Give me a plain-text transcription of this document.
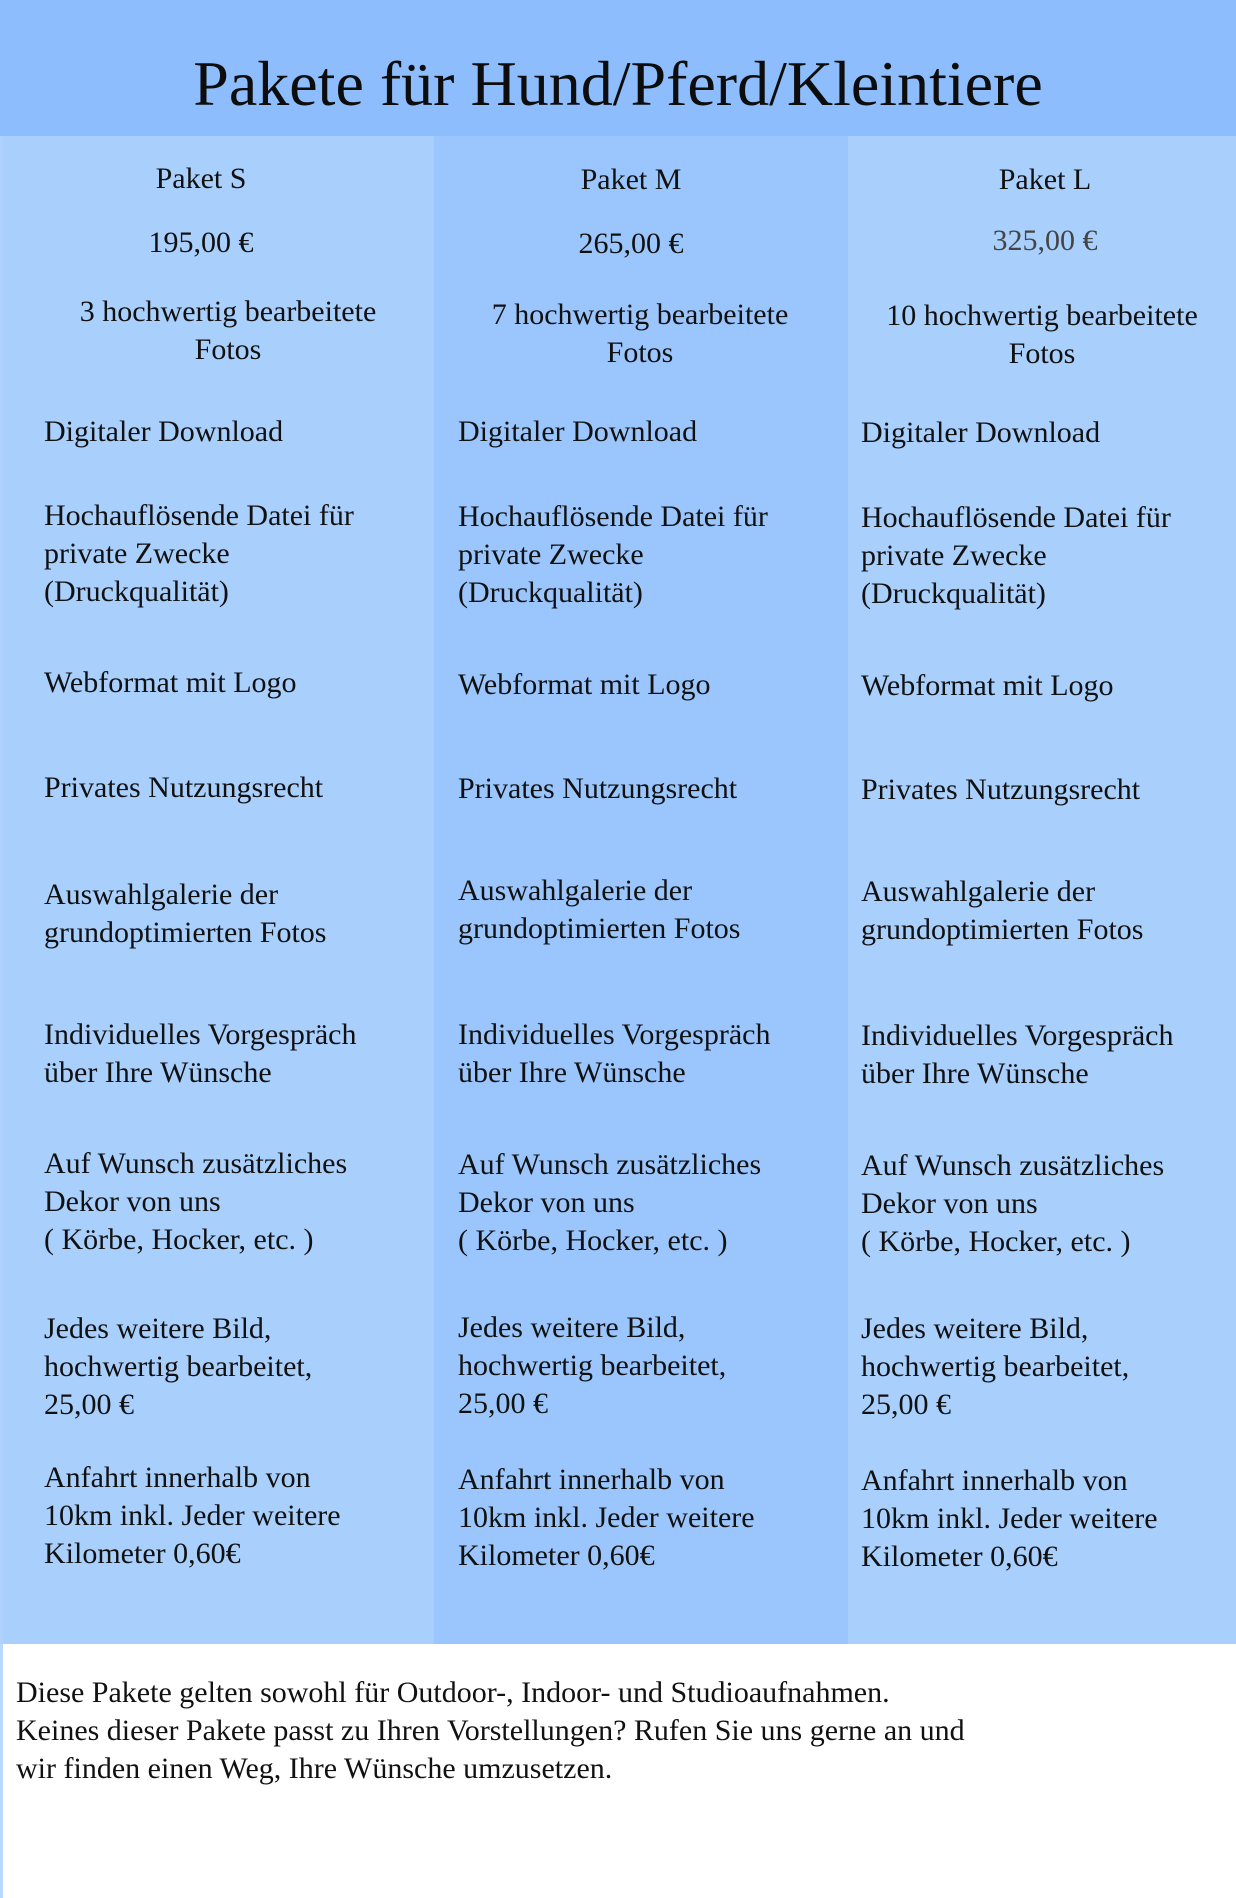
Pakete für Hund/Pferd/Kleintiere
Paket S
195,00 €
3 hochwertig bearbeitete
Fotos
Digitaler Download
Hochauflösende Datei für
private Zwecke
(Druckqualität)
Webformat mit Logo
Privates Nutzungsrecht
Auswahlgalerie der
grundoptimierten Fotos
Individuelles Vorgespräch
über Ihre Wünsche
Auf Wunsch zusätzliches
Dekor von uns
( Körbe, Hocker, etc. )
Jedes weitere Bild,
hochwertig bearbeitet,
25,00 €
Anfahrt innerhalb von
10km inkl. Jeder weitere
Kilometer 0,60€
Paket M
265,00 €
7 hochwertig bearbeitete
Fotos
Digitaler Download
Hochauflösende Datei für
private Zwecke
(Druckqualität)
Webformat mit Logo
Privates Nutzungsrecht
Auswahlgalerie der
grundoptimierten Fotos
Individuelles Vorgespräch
über Ihre Wünsche
Auf Wunsch zusätzliches
Dekor von uns
( Körbe, Hocker, etc. )
Jedes weitere Bild,
hochwertig bearbeitet,
25,00 €
Anfahrt innerhalb von
10km inkl. Jeder weitere
Kilometer 0,60€
Paket L
325,00 €
10 hochwertig bearbeitete
Fotos
Digitaler Download
Hochauflösende Datei für
private Zwecke
(Druckqualität)
Webformat mit Logo
Privates Nutzungsrecht
Auswahlgalerie der
grundoptimierten Fotos
Individuelles Vorgespräch
über Ihre Wünsche
Auf Wunsch zusätzliches
Dekor von uns
( Körbe, Hocker, etc. )
Jedes weitere Bild,
hochwertig bearbeitet,
25,00 €
Anfahrt innerhalb von
10km inkl. Jeder weitere
Kilometer 0,60€
Diese Pakete gelten sowohl für Outdoor-, Indoor- und Studioaufnahmen.
Keines dieser Pakete passt zu Ihren Vorstellungen? Rufen Sie uns gerne an und
wir finden einen Weg, Ihre Wünsche umzusetzen.
